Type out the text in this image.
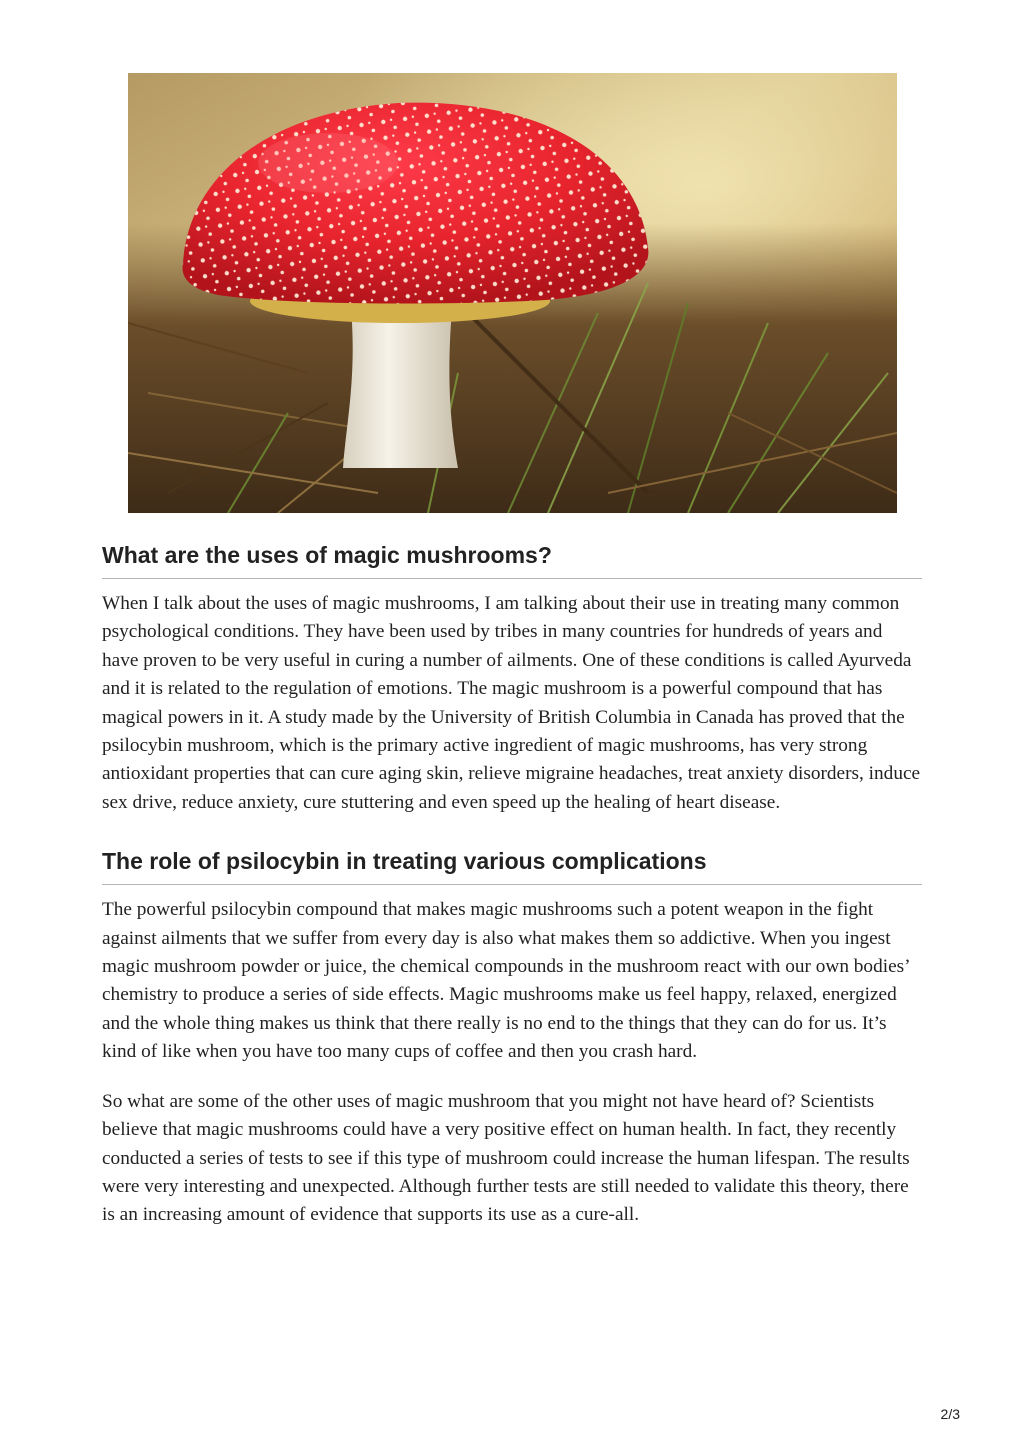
What are the uses of magic mushrooms?

When I talk about the uses of magic mushrooms, I am talking about their use in treating many common psychological conditions. They have been used by tribes in many countries for hundreds of years and have proven to be very useful in curing a number of ailments. One of these conditions is called Ayurveda and it is related to the regulation of emotions. The magic mushroom is a powerful compound that has magical powers in it. A study made by the University of British Columbia in Canada has proved that the psilocybin mushroom, which is the primary active ingredient of magic mushrooms, has very strong antioxidant properties that can cure aging skin, relieve migraine headaches, treat anxiety disorders, induce sex drive, reduce anxiety, cure stuttering and even speed up the healing of heart disease.

The role of psilocybin in treating various complications

The powerful psilocybin compound that makes magic mushrooms such a potent weapon in the fight against ailments that we suffer from every day is also what makes them so addictive. When you ingest magic mushroom powder or juice, the chemical compounds in the mushroom react with our own bodies’ chemistry to produce a series of side effects. Magic mushrooms make us feel happy, relaxed, energized and the whole thing makes us think that there really is no end to the things that they can do for us. It’s kind of like when you have too many cups of coffee and then you crash hard.

So what are some of the other uses of magic mushroom that you might not have heard of? Scientists believe that magic mushrooms could have a very positive effect on human health. In fact, they recently conducted a series of tests to see if this type of mushroom could increase the human lifespan. The results were very interesting and unexpected. Although further tests are still needed to validate this theory, there is an increasing amount of evidence that supports its use as a cure-all.

2/3
